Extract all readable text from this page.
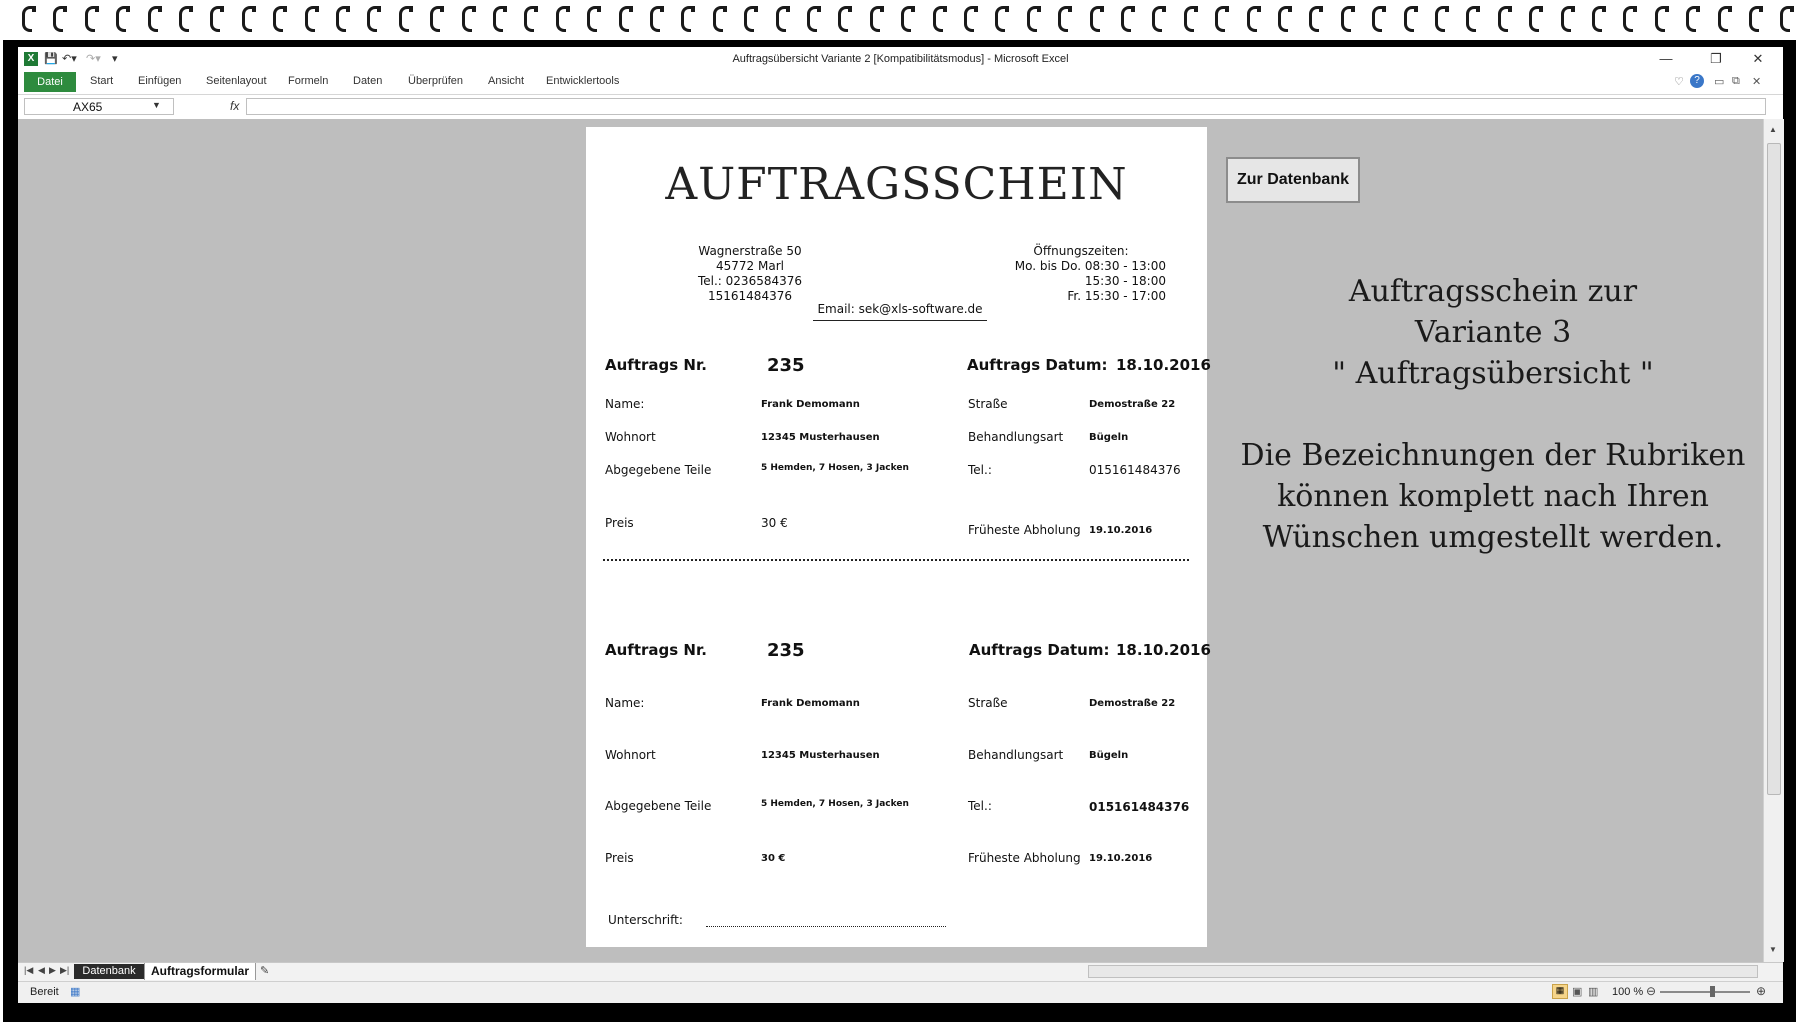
X 💾 ↶▾ ↷▾ ▾	Auftragsübersicht Variante 2 [Kompatibilitätsmodus] - Microsoft Excel	—	❐	✕
Datei	Start Einfügen Seitenlayout Formeln Daten Überprüfen Ansicht Entwicklertools	♡	?	▭ ⧉ ✕
AX65	▼	fx
▲
▼
AUFTRAGSSCHEIN
Wagnerstraße 50
45772 Marl
Tel.: 0236584376
15161484376
Öffnungszeiten:
Mo. bis Do. 08:30 - 13:00
15:30 - 18:00
Fr. 15:30 - 17:00
Email: sek@xls-software.de
Auftrags Nr.	235	Auftrags Datum: 18.10.2016
Name:	Frank Demomann	Straße	Demostraße 22
Wohnort	12345 Musterhausen	Behandlungsart	Bügeln
Abgegebene Teile	5 Hemden, 7 Hosen, 3 Jacken	Tel.:	015161484376
Preis	30 €	Früheste Abholung 19.10.2016
Auftrags Nr.	235	Auftrags Datum: 18.10.2016
Name:	Frank Demomann	Straße	Demostraße 22
Wohnort	12345 Musterhausen	Behandlungsart	Bügeln
Abgegebene Teile	5 Hemden, 7 Hosen, 3 Jacken	Tel.:	015161484376
Preis	30 €	Früheste Abholung 19.10.2016
Unterschrift:
Zur Datenbank
Auftragsschein zur
Variante 3
" Auftragsübersicht "
Die Bezeichnungen der Rubriken
können komplett nach Ihren
Wünschen umgestellt werden.
|◀ ◀ ▶ ▶|	Datenbank	Auftragsformular	✎
Bereit ▦	▦ ▣ ▥ 100 % ⊖	⊕
